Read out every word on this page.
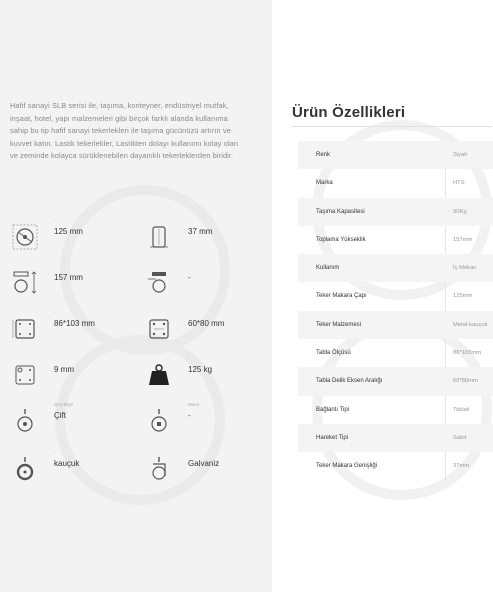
Hafif sanayi SLB serisi ile, taşıma, konteyner, endüstriyel mutfak, inşaat, hotel, yapı malzemeleri gibi birçok farklı alanda kullanıma sahip bu tip hafif sanayi tekerlekleri ile taşıma gücünüzü artırın ve kuvvet katın. Lastik tekerlekler, Lastikten dolayı kullanımı kolay olan ve zeminde kolayca sürüklenebilen dayanıklı tekerleklerden biridir.
-
125 mm
-
37 mm
-
157 mm
-
-
-
86*103 mm
-
60*80 mm
-
9 mm
-
125 kg
Sıra Bilye
Çift
Motor
-
-
kauçuk
-
Galvaniz
Ürün Özellikleri
Renk	Siyah
Marka	HTS
Taşıma Kapasitesi	90Kg
Toplama Yükseklik	157mm
Kullanım	İç Mekan
Teker Makara Çapı	125mm
Teker Malzemesi	Metal-kauçuk
Tabla Ölçüsü	86*103mm
Tabla Delik Eksen Aralığı	60*80mm
Bağlantı Tipi	Tablalı
Hareket Tipi	Sabit
Teker Makara Genişliği	37mm
